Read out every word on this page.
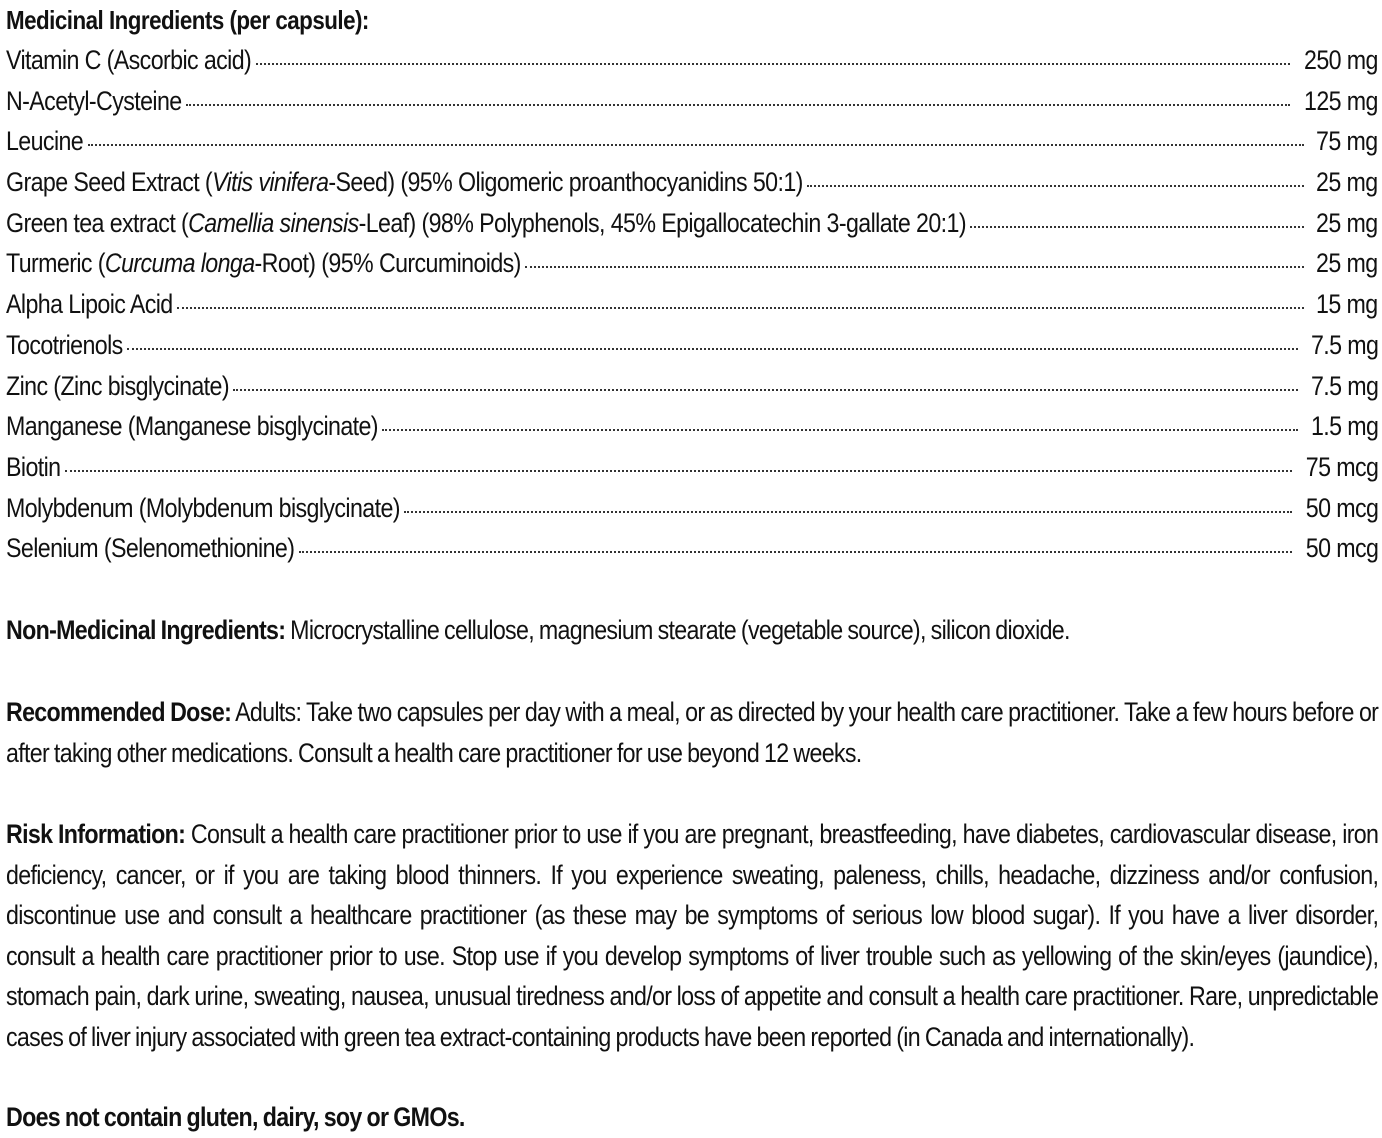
Medicinal Ingredients (per capsule):
Vitamin C (Ascorbic acid)	250 mg
N-Acetyl-Cysteine	125 mg
Leucine	75 mg
Grape Seed Extract (Vitis vinifera-Seed) (95% Oligomeric proanthocyanidins 50:1)	25 mg
Green tea extract (Camellia sinensis-Leaf) (98% Polyphenols, 45% Epigallocatechin 3-gallate 20:1)	25 mg
Turmeric (Curcuma longa-Root) (95% Curcuminoids)	25 mg
Alpha Lipoic Acid	15 mg
Tocotrienols	7.5 mg
Zinc (Zinc bisglycinate)	7.5 mg
Manganese (Manganese bisglycinate)	1.5 mg
Biotin	75 mcg
Molybdenum (Molybdenum bisglycinate)	50 mcg
Selenium (Selenomethionine)	50 mcg
Non-Medicinal Ingredients: Microcrystalline cellulose, magnesium stearate (vegetable source), silicon dioxide.
Recommended Dose: Adults: Take two capsules per day with a meal, or as directed by your health care practitioner. Take a few hours before or after taking other medications. Consult a health care practitioner for use beyond 12 weeks.
Risk Information: Consult a health care practitioner prior to use if you are pregnant, breastfeeding, have diabetes, cardiovascular disease, iron deficiency, cancer, or if you are taking blood thinners. If you experience sweating, paleness, chills, headache, dizziness and/or confusion, discontinue use and consult a healthcare practitioner (as these may be symptoms of serious low blood sugar). If you have a liver disorder, consult a health care practitioner prior to use. Stop use if you develop symptoms of liver trouble such as yellowing of the skin/eyes (jaundice), stomach pain, dark urine, sweating, nausea, unusual tiredness and/or loss of appetite and consult a health care practitioner. Rare, unpredictable cases of liver injury associated with green tea extract-containing products have been reported (in Canada and internationally).
Does not contain gluten, dairy, soy or GMOs.
